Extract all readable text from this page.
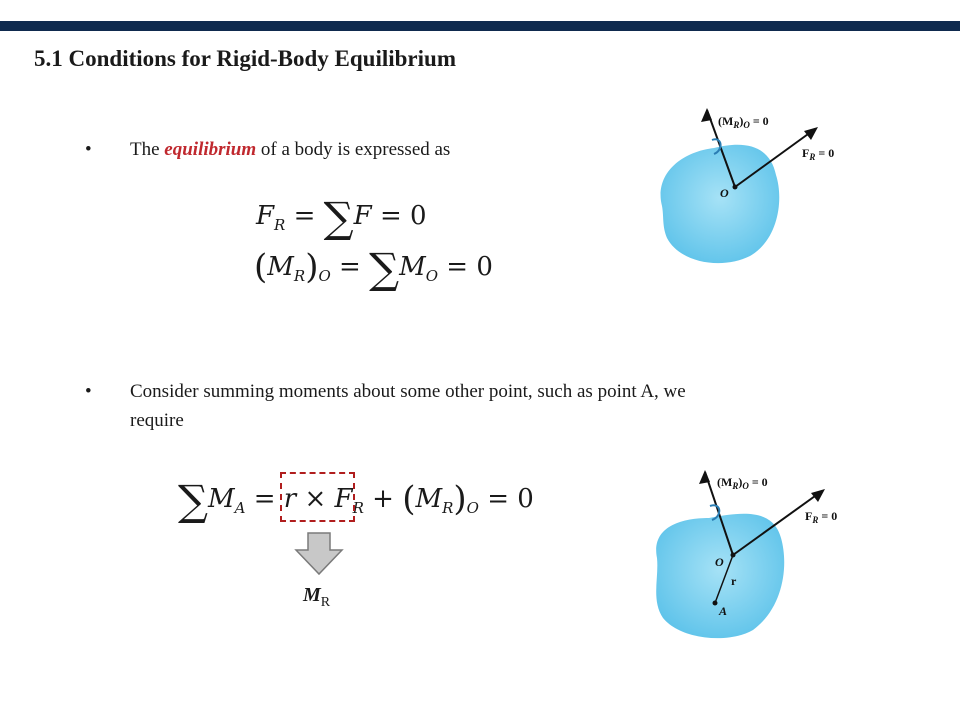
5.1 Conditions for Rigid-Body Equilibrium
• The equilibrium of a body is expressed as
$F_R = \sum F = 0$
$(M_R)_O = \sum M_O = 0$
• Consider summing moments about some other point, such as point A, we
require
$\sum M_A = r \times F_R + (M_R)_O = 0$
$M_R$
$(M_R)_O = 0$
$F_R = 0$
O
$(M_R)_O = 0$
$F_R = 0$
O
r
A
